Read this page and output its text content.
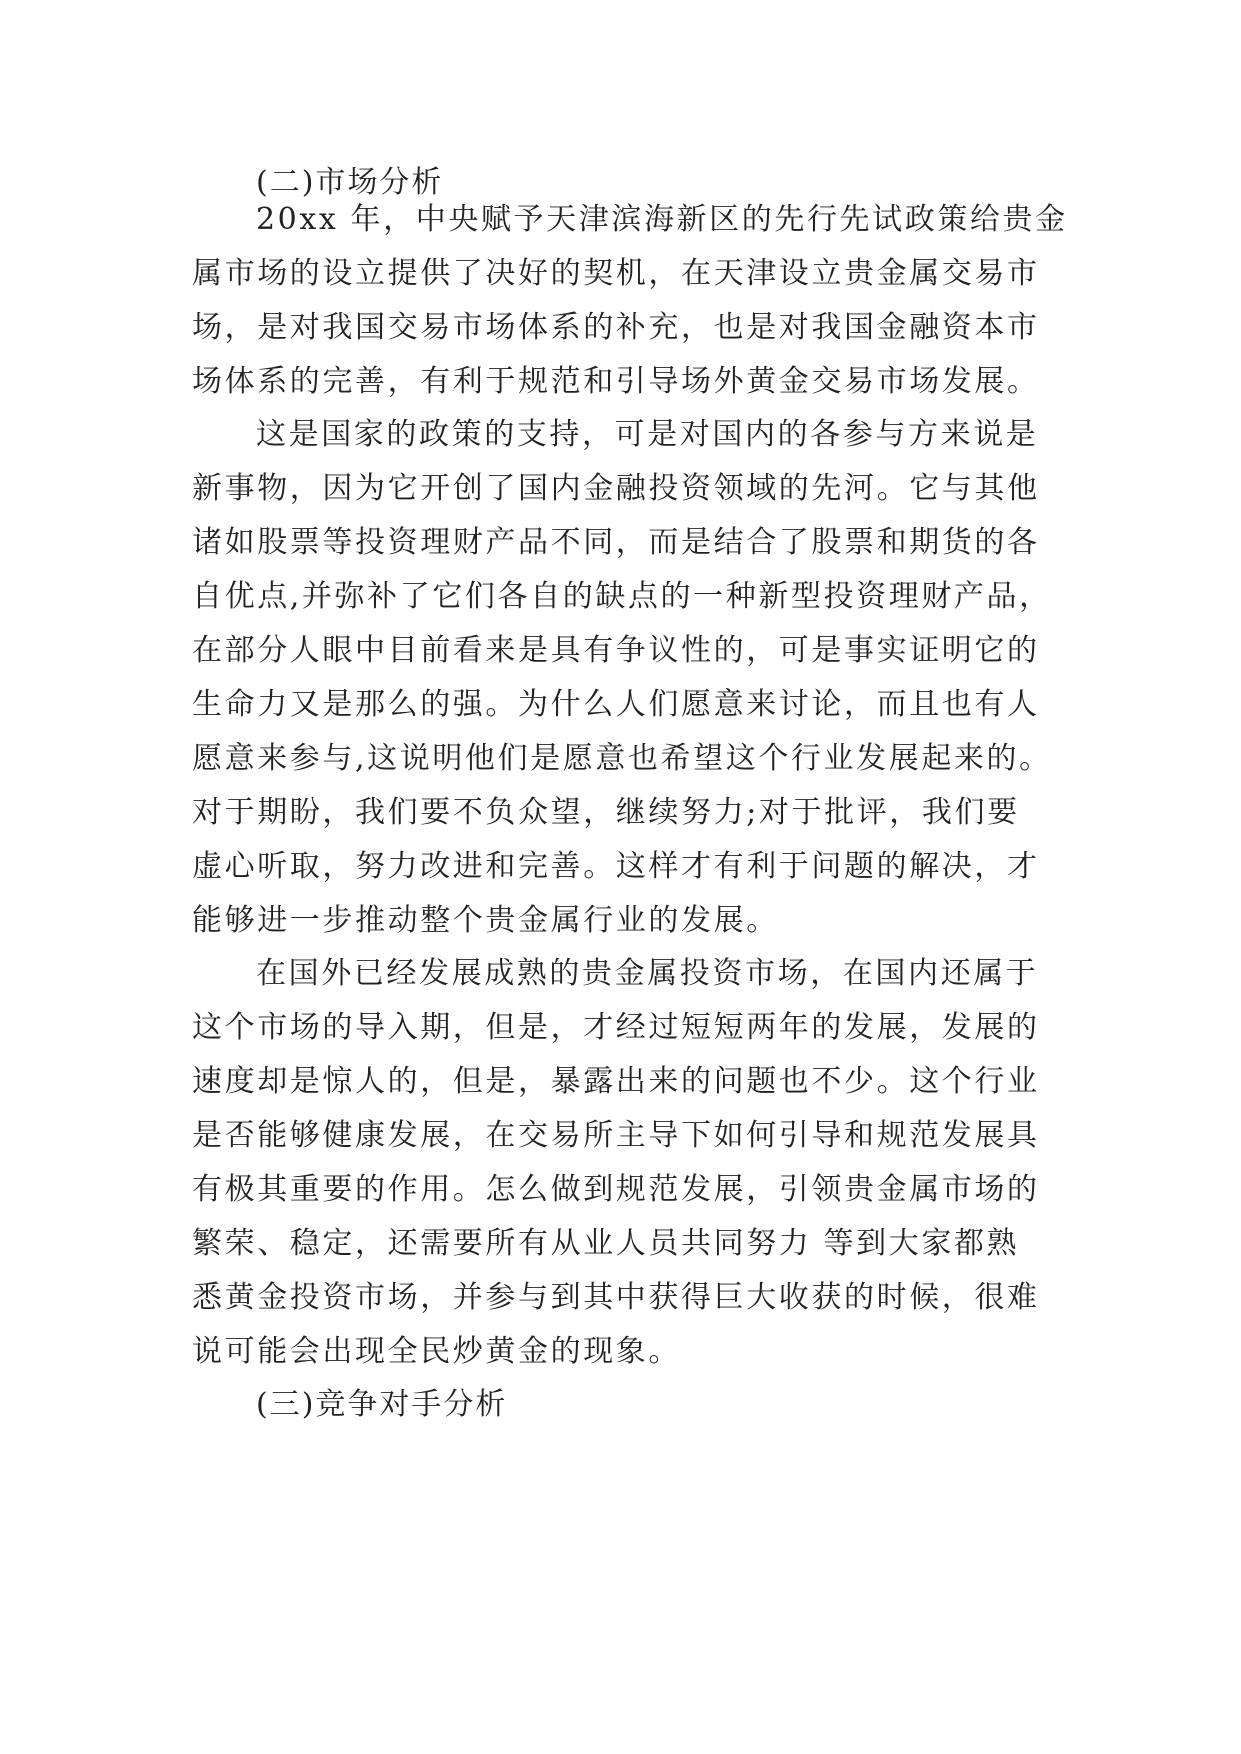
(二)市场分析
20xx 年，中央赋予天津滨海新区的先行先试政策给贵金
属市场的设立提供了决好的契机，在天津设立贵金属交易市
场，是对我国交易市场体系的补充，也是对我国金融资本市
场体系的完善，有利于规范和引导场外黄金交易市场发展。
这是国家的政策的支持，可是对国内的各参与方来说是
新事物，因为它开创了国内金融投资领域的先河。它与其他
诸如股票等投资理财产品不同，而是结合了股票和期货的各
自优点,并弥补了它们各自的缺点的一种新型投资理财产品，
在部分人眼中目前看来是具有争议性的，可是事实证明它的
生命力又是那么的强。为什么人们愿意来讨论，而且也有人
愿意来参与,这说明他们是愿意也希望这个行业发展起来的。
对于期盼，我们要不负众望，继续努力;对于批评，我们要
虚心听取，努力改进和完善。这样才有利于问题的解决，才
能够进一步推动整个贵金属行业的发展。
在国外已经发展成熟的贵金属投资市场，在国内还属于
这个市场的导入期，但是，才经过短短两年的发展，发展的
速度却是惊人的，但是，暴露出来的问题也不少。这个行业
是否能够健康发展，在交易所主导下如何引导和规范发展具
有极其重要的作用。怎么做到规范发展，引领贵金属市场的
繁荣、稳定，还需要所有从业人员共同努力 等到大家都熟
悉黄金投资市场，并参与到其中获得巨大收获的时候，很难
说可能会出现全民炒黄金的现象。
(三)竞争对手分析
